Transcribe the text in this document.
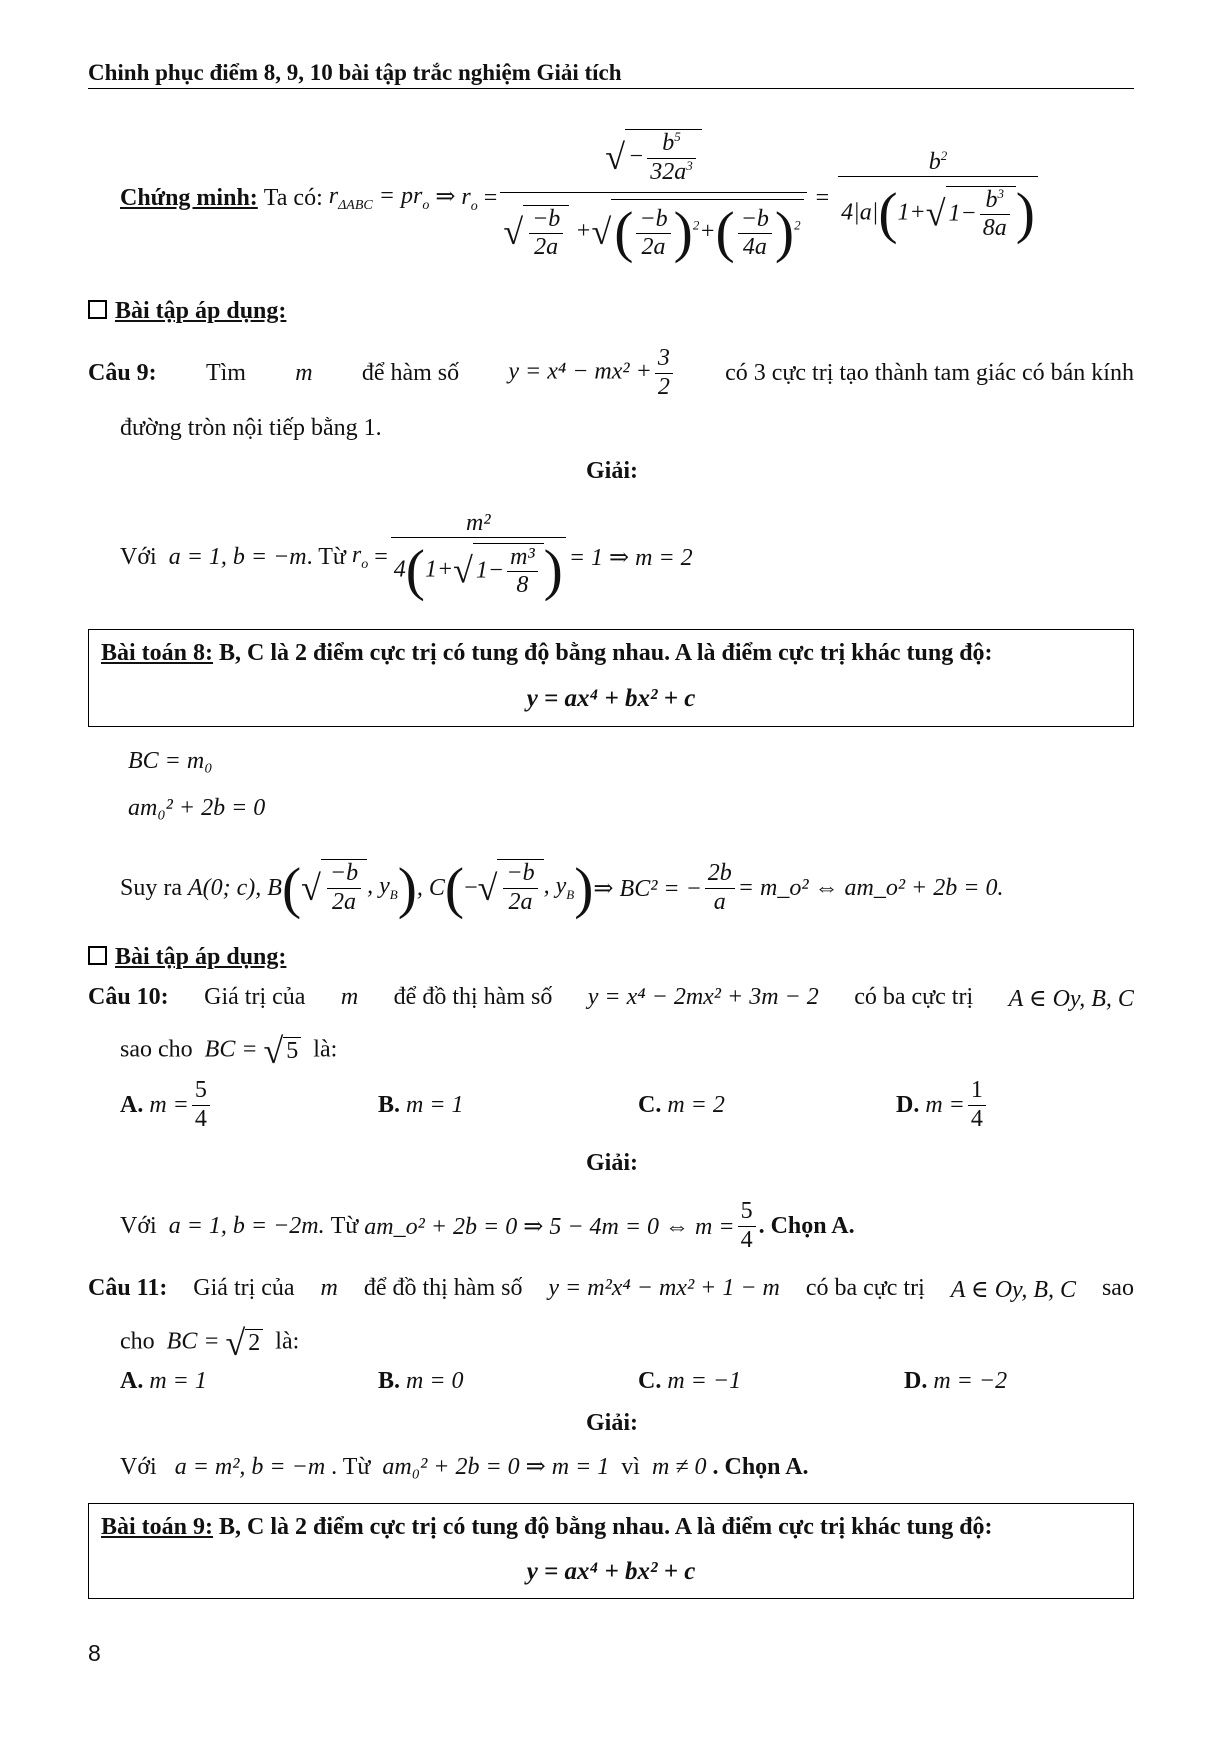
Chinh phục điểm 8, 9, 10 bài tập trắc nghiệm Giải tích
Chứng minh:
Ta có:
$r_{\Delta ABC}$
= $pr_o$
⇒ $r_o = \frac{√ - \frac{b^5}{32a^3}}{√ \frac{-b}{2a} +√( \frac{-b}{2a} )^2+( \frac{-b}{4a} )^2} = \frac{b^2}{4|a|(1+√ 1- \frac{b^3}{8a} )}$
Bài tập áp dụng:
Câu 9: Tìm m để hàm số $y = x^4 - mx^2 + \frac{3}{2}$ có 3 cực trị tạo thành tam giác có bán kính
đường tròn nội tiếp bằng 1.
Giải:
Với
a = 1, b = −m . Từ
$r_o = \frac{\text{m²}}{4(1+√ 1- \frac{\text{m³}}{8} )} = 1$ ⇒ m = 2
Bài toán 8: B, C là 2 điểm cực trị có tung độ bằng nhau. A là điểm cực trị khác tung độ:
y = ax⁴ + bx² + c
BC = m₀
am₀² + 2b = 0
Suy ra
A(0; c), B ( √ $\frac{-b}{2a}$ , $y_B$ ) , C ( − √ $\frac{-b}{2a}$ , $y_B$ ) ⇒ BC² = − $\frac{2b}{a}$ = m_o² ⇔ am_o² + 2b = 0.
Bài tập áp dụng:
Câu 10: Giá trị của m để đồ thị hàm số y = x⁴ − 2mx² + 3m − 2 có ba cực trị A ∈ Oy, B, C
sao cho BC = √ 5 là:
A.
$m = \frac{5}{4}$	B.
m = 1	C.
m = 2	D.
$m = \frac{1}{4}$
Giải:
Với
a = 1, b = −2m.
Từ
am_o² + 2b = 0 ⇒ 5 − 4m = 0 ⇔ $m = \frac{5}{4}$ . Chọn A.
Câu 11: Giá trị của m để đồ thị hàm số y = m²x⁴ − mx² + 1 − m có ba cực trị A ∈ Oy, B, C sao
cho BC = √ 2 là:
A. m = 1	B. m = 0	C. m = −1	D. m = −2
Giải:
Với a = m², b = −m . Từ am₀² + 2b = 0 ⇒ m = 1 vì m ≠ 0 . Chọn A.
Bài toán 9: B, C là 2 điểm cực trị có tung độ bằng nhau. A là điểm cực trị khác tung độ:
y = ax⁴ + bx² + c
8
